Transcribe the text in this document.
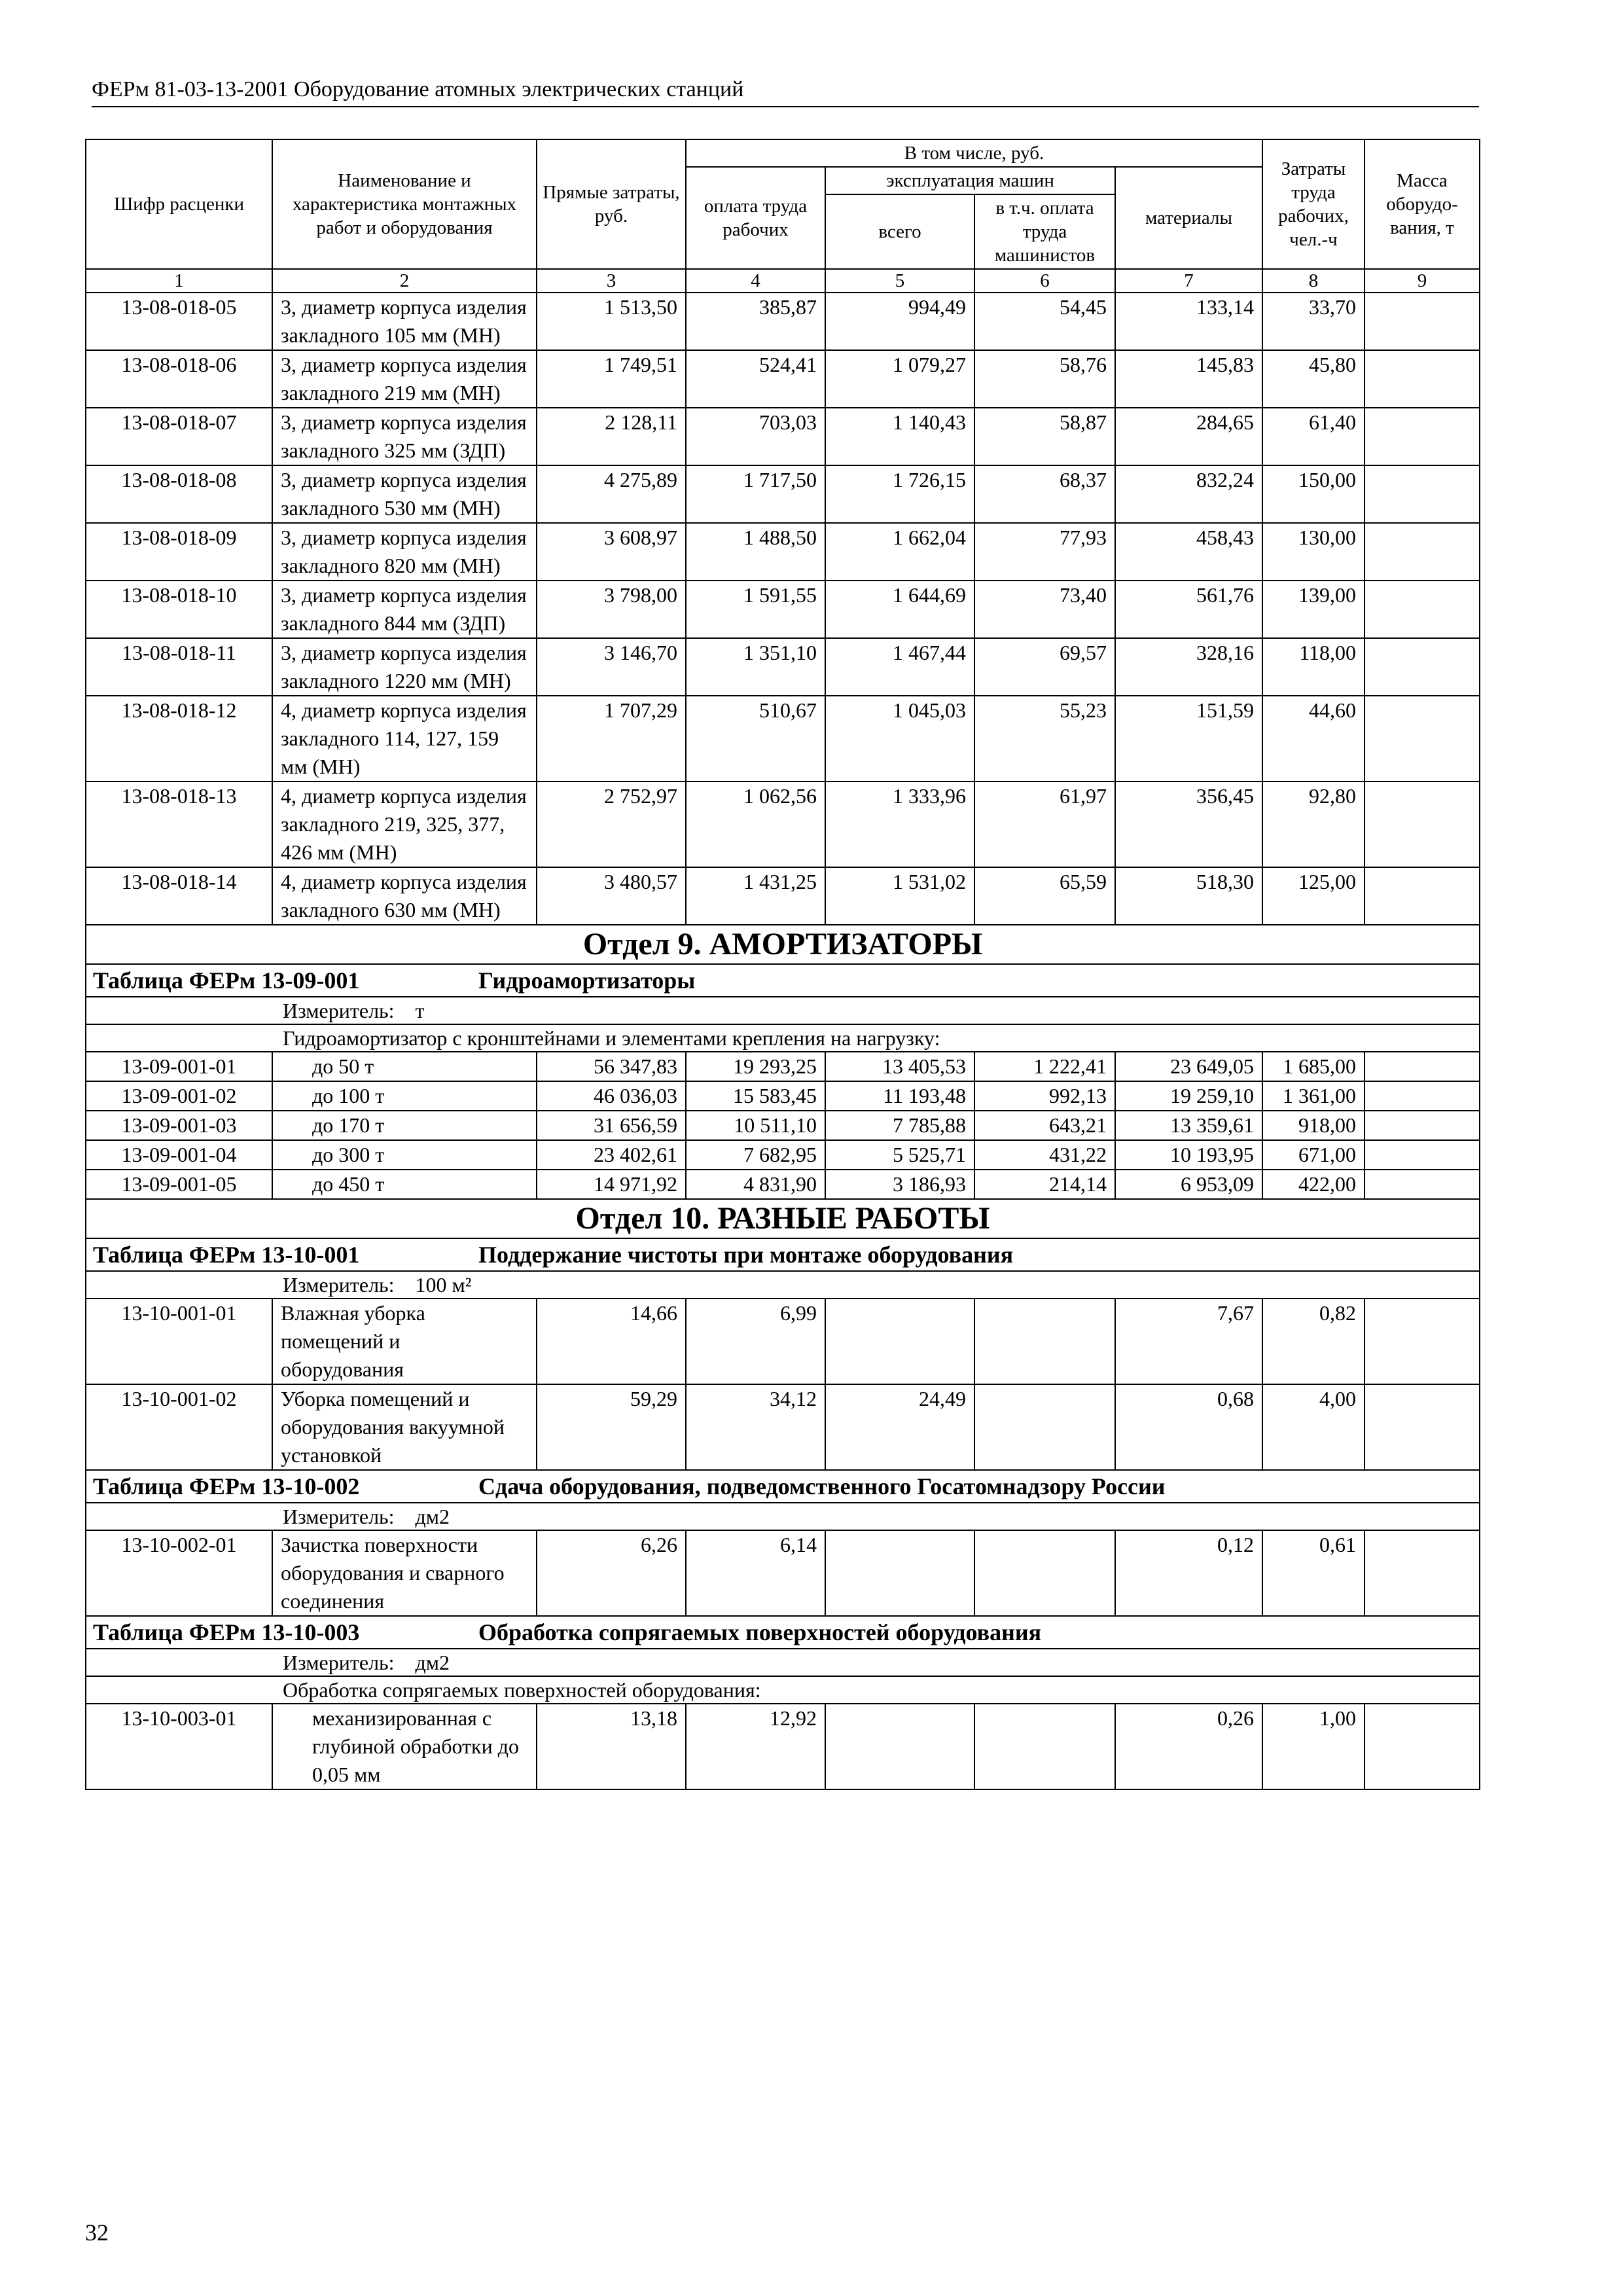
ФЕРм 81-03-13-2001 Оборудование атомных электрических станций
Шифр расценки	Наименование и характеристика монтажных работ и оборудования	Прямые затраты, руб.	В том числе, руб.				Затраты труда рабочих, чел.-ч	Масса оборудо-вания, т
			оплата труда рабочих	эксплуатация машин		материалы		
				всего	в т.ч. оплата труда машинистов			
1	2	3	4	5	6	7	8	9
13-08-018-05	3, диаметр корпуса изделия закладного 105 мм (МН)	1 513,50	385,87	994,49	54,45	133,14	33,70	
13-08-018-06	3, диаметр корпуса изделия закладного 219 мм (МН)	1 749,51	524,41	1 079,27	58,76	145,83	45,80	
13-08-018-07	3, диаметр корпуса изделия закладного 325 мм (ЗДП)	2 128,11	703,03	1 140,43	58,87	284,65	61,40	
13-08-018-08	3, диаметр корпуса изделия закладного 530 мм (МН)	4 275,89	1 717,50	1 726,15	68,37	832,24	150,00	
13-08-018-09	3, диаметр корпуса изделия закладного 820 мм (МН)	3 608,97	1 488,50	1 662,04	77,93	458,43	130,00	
13-08-018-10	3, диаметр корпуса изделия закладного 844 мм (ЗДП)	3 798,00	1 591,55	1 644,69	73,40	561,76	139,00	
13-08-018-11	3, диаметр корпуса изделия закладного 1220 мм (МН)	3 146,70	1 351,10	1 467,44	69,57	328,16	118,00	
13-08-018-12	4, диаметр корпуса изделия закладного 114, 127, 159 мм (МН)	1 707,29	510,67	1 045,03	55,23	151,59	44,60	
13-08-018-13	4, диаметр корпуса изделия закладного 219, 325, 377, 426 мм (МН)	2 752,97	1 062,56	1 333,96	61,97	356,45	92,80	
13-08-018-14	4, диаметр корпуса изделия закладного 630 мм (МН)	3 480,57	1 431,25	1 531,02	65,59	518,30	125,00	
Отдел 9. АМОРТИЗАТОРЫ								
Таблица ФЕРм 13-09-001 Гидроамортизаторы								

Измеритель: т								
Гидроамортизатор с кронштейнами и элементами крепления на нагрузку:								
13-09-001-01	до 50 т	56 347,83	19 293,25	13 405,53	1 222,41	23 649,05	1 685,00	
13-09-001-02	до 100 т	46 036,03	15 583,45	11 193,48	992,13	19 259,10	1 361,00	
13-09-001-03	до 170 т	31 656,59	10 511,10	7 785,88	643,21	13 359,61	918,00	
13-09-001-04	до 300 т	23 402,61	7 682,95	5 525,71	431,22	10 193,95	671,00	
13-09-001-05	до 450 т	14 971,92	4 831,90	3 186,93	214,14	6 953,09	422,00	
Отдел 10. РАЗНЫЕ РАБОТЫ								
Таблица ФЕРм 13-10-001 Поддержание чистоты при монтаже оборудования								

Измеритель: 100 м²								
13-10-001-01	Влажная уборка помещений и оборудования	14,66	6,99			7,67	0,82	
13-10-001-02	Уборка помещений и оборудования вакуумной установкой	59,29	34,12	24,49		0,68	4,00	
Таблица ФЕРм 13-10-002 Сдача оборудования, подведомственного Госатомнадзору России								

Измеритель: дм2								
13-10-002-01	Зачистка поверхности оборудования и сварного соединения	6,26	6,14			0,12	0,61	
Таблица ФЕРм 13-10-003 Обработка сопрягаемых поверхностей оборудования								

Измеритель: дм2								
Обработка сопрягаемых поверхностей оборудования:								
13-10-003-01	механизированная с глубиной обработки до 0,05 мм	13,18	12,92			0,26	1,00	
32
